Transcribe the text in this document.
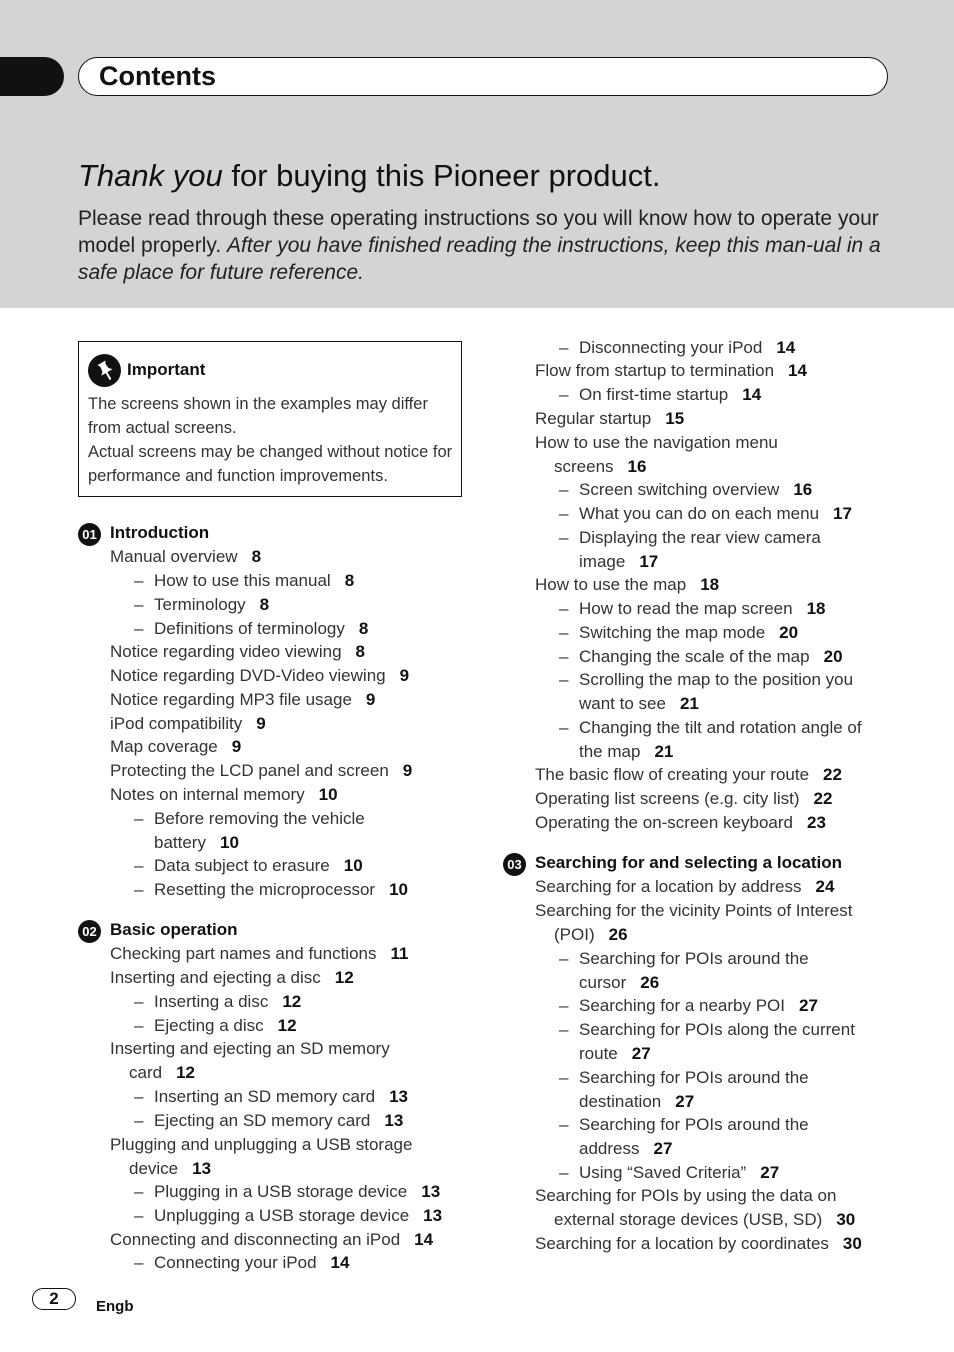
Contents
Thank you for buying this Pioneer product.
Please read through these operating instructions so you will know how to operate your model properly. After you have finished reading the instructions, keep this man-ual in a safe place for future reference.
Important
The screens shown in the examples may differ from actual screens.
Actual screens may be changed without notice for performance and function improvements.
01 Introduction
Manual overview 8
– How to use this manual 8
– Terminology 8
– Definitions of terminology 8
Notice regarding video viewing 8
Notice regarding DVD-Video viewing 9
Notice regarding MP3 file usage 9
iPod compatibility 9
Map coverage 9
Protecting the LCD panel and screen 9
Notes on internal memory 10
– Before removing the vehicle
battery 10
– Data subject to erasure 10
– Resetting the microprocessor 10
02 Basic operation
Checking part names and functions 11
Inserting and ejecting a disc 12
– Inserting a disc 12
– Ejecting a disc 12
Inserting and ejecting an SD memory
card 12
– Inserting an SD memory card 13
– Ejecting an SD memory card 13
Plugging and unplugging a USB storage
device 13
– Plugging in a USB storage device 13
– Unplugging a USB storage device 13
Connecting and disconnecting an iPod 14
– Connecting your iPod 14
– Disconnecting your iPod 14
Flow from startup to termination 14
– On first-time startup 14
Regular startup 15
How to use the navigation menu
screens 16
– Screen switching overview 16
– What you can do on each menu 17
– Displaying the rear view camera
image 17
How to use the map 18
– How to read the map screen 18
– Switching the map mode 20
– Changing the scale of the map 20
– Scrolling the map to the position you
want to see 21
– Changing the tilt and rotation angle of
the map 21
The basic flow of creating your route 22
Operating list screens (e.g. city list) 22
Operating the on-screen keyboard 23
03 Searching for and selecting a location
Searching for a location by address 24
Searching for the vicinity Points of Interest
(POI) 26
– Searching for POIs around the
cursor 26
– Searching for a nearby POI 27
– Searching for POIs along the current
route 27
– Searching for POIs around the
destination 27
– Searching for POIs around the
address 27
– Using “Saved Criteria” 27
Searching for POIs by using the data on
external storage devices (USB, SD) 30
Searching for a location by coordinates 30
2	Engb
